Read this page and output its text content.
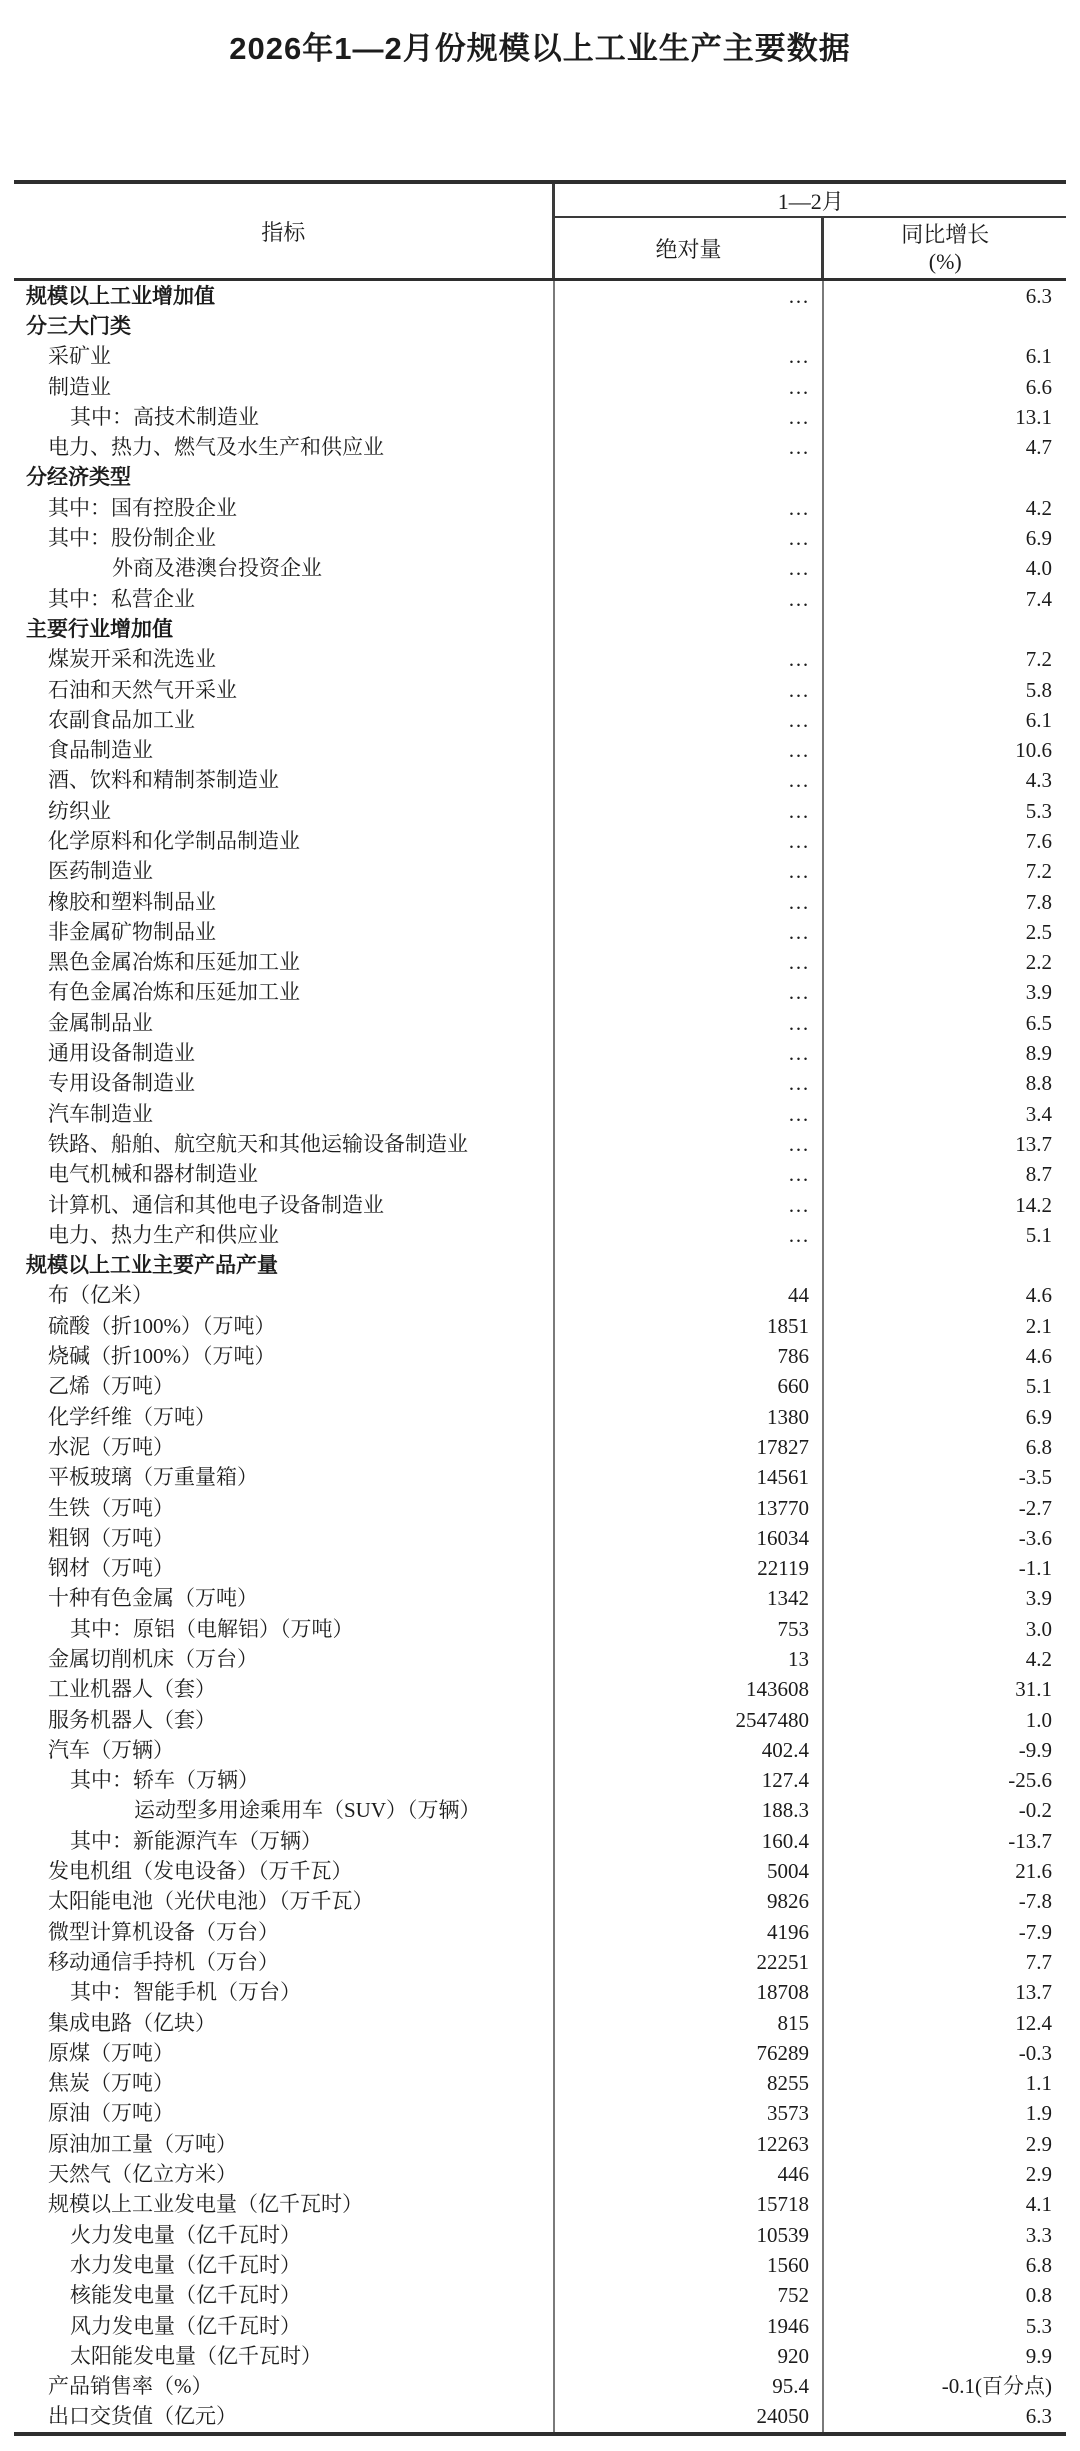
2026年1—2月份规模以上工业生产主要数据
指标	1—2月	
	绝对量	同比增长
(%)
规模以上工业增加值	…	6.3
分三大门类		
采矿业	…	6.1
制造业	…	6.6
其中：高技术制造业	…	13.1
电力、热力、燃气及水生产和供应业	…	4.7
分经济类型		
其中：国有控股企业	…	4.2
其中：股份制企业	…	6.9
外商及港澳台投资企业	…	4.0
其中：私营企业	…	7.4
主要行业增加值		
煤炭开采和洗选业	…	7.2
石油和天然气开采业	…	5.8
农副食品加工业	…	6.1
食品制造业	…	10.6
酒、饮料和精制茶制造业	…	4.3
纺织业	…	5.3
化学原料和化学制品制造业	…	7.6
医药制造业	…	7.2
橡胶和塑料制品业	…	7.8
非金属矿物制品业	…	2.5
黑色金属冶炼和压延加工业	…	2.2
有色金属冶炼和压延加工业	…	3.9
金属制品业	…	6.5
通用设备制造业	…	8.9
专用设备制造业	…	8.8
汽车制造业	…	3.4
铁路、船舶、航空航天和其他运输设备制造业	…	13.7
电气机械和器材制造业	…	8.7
计算机、通信和其他电子设备制造业	…	14.2
电力、热力生产和供应业	…	5.1
规模以上工业主要产品产量		
布（亿米）	44	4.6
硫酸（折100%）（万吨）	1851	2.1
烧碱（折100%）（万吨）	786	4.6
乙烯（万吨）	660	5.1
化学纤维（万吨）	1380	6.9
水泥（万吨）	17827	6.8
平板玻璃（万重量箱）	14561	-3.5
生铁（万吨）	13770	-2.7
粗钢（万吨）	16034	-3.6
钢材（万吨）	22119	-1.1
十种有色金属（万吨）	1342	3.9
其中：原铝（电解铝）（万吨）	753	3.0
金属切削机床（万台）	13	4.2
工业机器人（套）	143608	31.1
服务机器人（套）	2547480	1.0
汽车（万辆）	402.4	-9.9
其中：轿车（万辆）	127.4	-25.6
运动型多用途乘用车（SUV）（万辆）	188.3	-0.2
其中：新能源汽车（万辆）	160.4	-13.7
发电机组（发电设备）（万千瓦）	5004	21.6
太阳能电池（光伏电池）（万千瓦）	9826	-7.8
微型计算机设备（万台）	4196	-7.9
移动通信手持机（万台）	22251	7.7
其中：智能手机（万台）	18708	13.7
集成电路（亿块）	815	12.4
原煤（万吨）	76289	-0.3
焦炭（万吨）	8255	1.1
原油（万吨）	3573	1.9
原油加工量（万吨）	12263	2.9
天然气（亿立方米）	446	2.9
规模以上工业发电量（亿千瓦时）	15718	4.1
火力发电量（亿千瓦时）	10539	3.3
水力发电量（亿千瓦时）	1560	6.8
核能发电量（亿千瓦时）	752	0.8
风力发电量（亿千瓦时）	1946	5.3
太阳能发电量（亿千瓦时）	920	9.9
产品销售率（%）	95.4	-0.1(百分点)
出口交货值（亿元）	24050	6.3
